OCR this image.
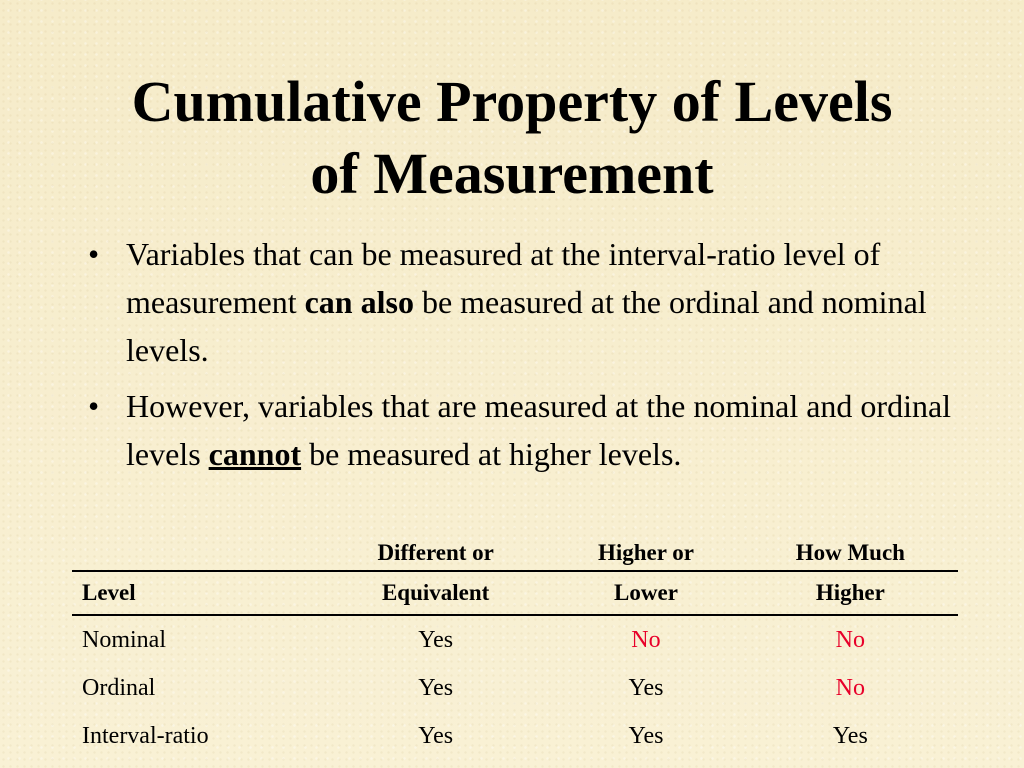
Cumulative Property of Levels
of Measurement
• Variables that can be measured at the interval-ratio level of measurement can also be measured at the ordinal and nominal levels.
• However, variables that are measured at the nominal and ordinal levels cannot be measured at higher levels.
	Different or	Higher or	How Much
Level	Equivalent	Lower	Higher
Nominal	Yes	No	No
Ordinal	Yes	Yes	No
Interval-ratio	Yes	Yes	Yes
